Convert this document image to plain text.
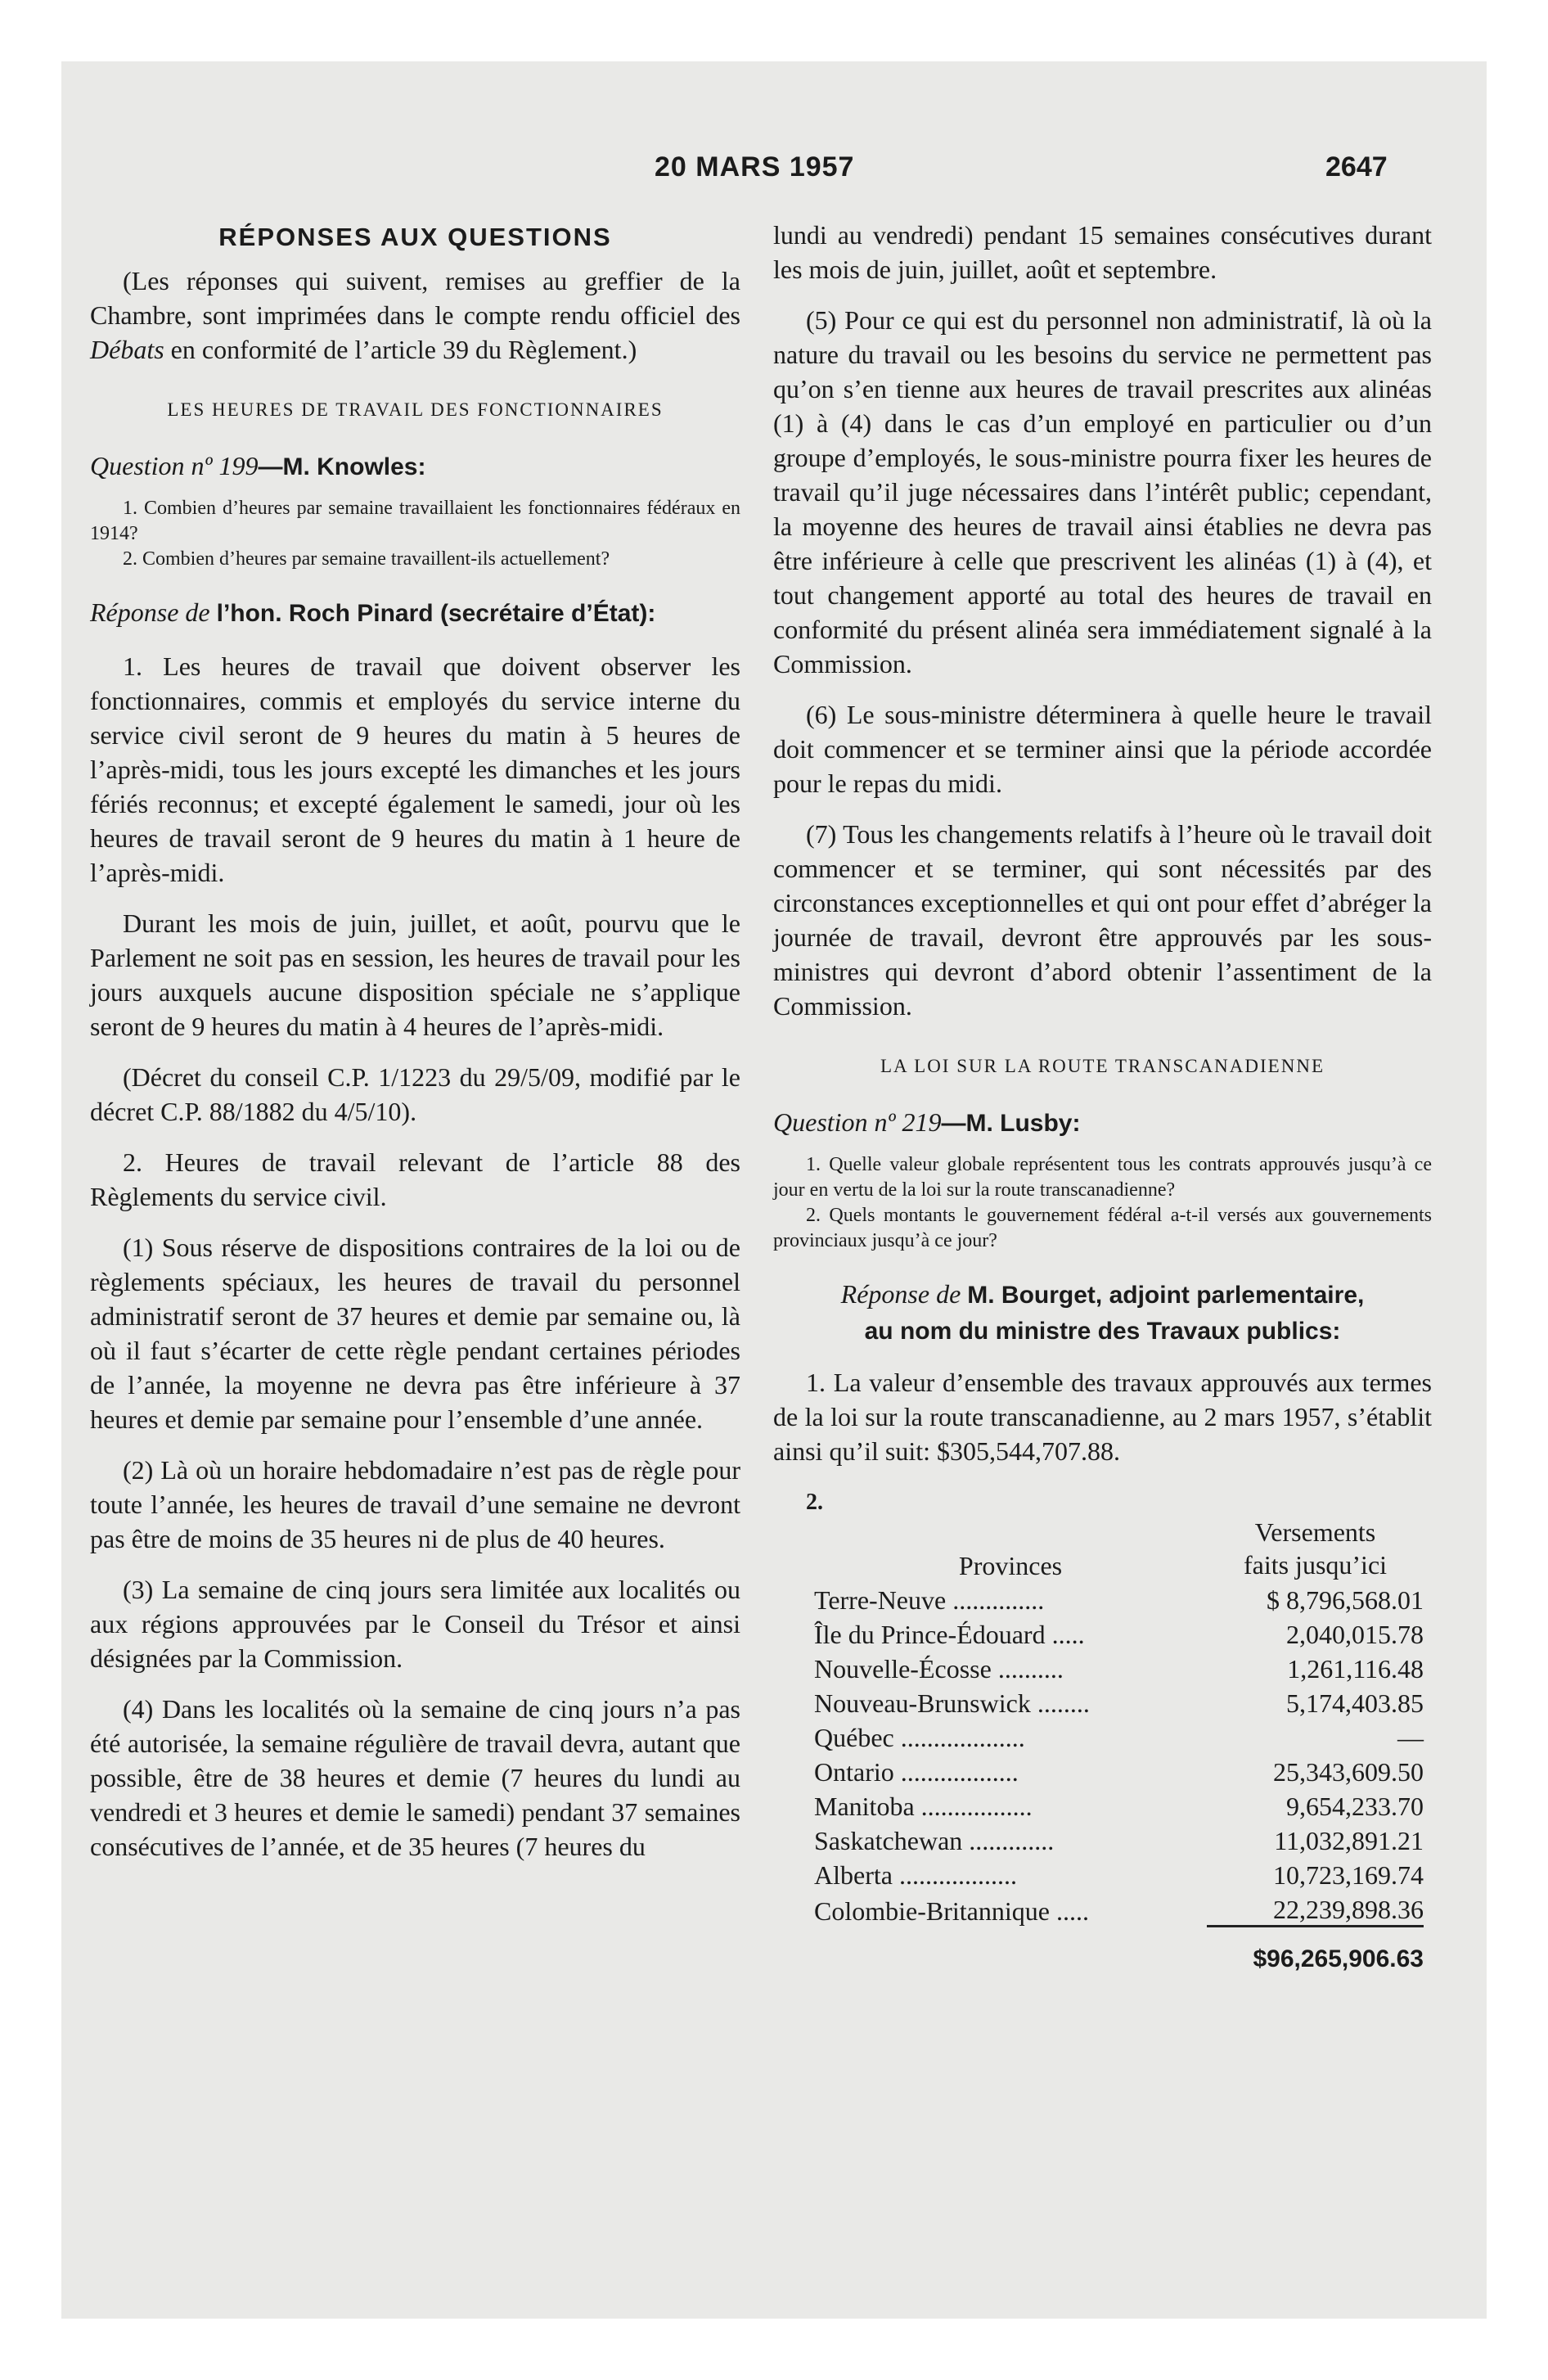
20 MARS 1957	2647
RÉPONSES AUX QUESTIONS

(Les réponses qui suivent, remises au greffier de la Chambre, sont imprimées dans le compte rendu officiel des Débats en conformité de l’article 39 du Règlement.)

LES HEURES DE TRAVAIL DES FONCTIONNAIRES
Question nº 199—M. Knowles:

1. Combien d’heures par semaine travaillaient les fonctionnaires fédéraux en 1914?

2. Combien d’heures par semaine travaillent-ils actuellement?

Réponse de l’hon. Roch Pinard (secrétaire d’État):

1. Les heures de travail que doivent observer les fonctionnaires, commis et employés du service interne du service civil seront de 9 heures du matin à 5 heures de l’après-midi, tous les jours excepté les dimanches et les jours fériés reconnus; et excepté également le samedi, jour où les heures de travail seront de 9 heures du matin à 1 heure de l’après-midi.

Durant les mois de juin, juillet, et août, pourvu que le Parlement ne soit pas en session, les heures de travail pour les jours auxquels aucune disposition spéciale ne s’applique seront de 9 heures du matin à 4 heures de l’après-midi.

(Décret du conseil C.P. 1/1223 du 29/5/09, modifié par le décret C.P. 88/1882 du 4/5/10).

2. Heures de travail relevant de l’article 88 des Règlements du service civil.

(1) Sous réserve de dispositions contraires de la loi ou de règlements spéciaux, les heures de travail du personnel administratif seront de 37 heures et demie par semaine ou, là où il faut s’écarter de cette règle pendant certaines périodes de l’année, la moyenne ne devra pas être inférieure à 37 heures et demie par semaine pour l’ensemble d’une année.

(2) Là où un horaire hebdomadaire n’est pas de règle pour toute l’année, les heures de travail d’une semaine ne devront pas être de moins de 35 heures ni de plus de 40 heures.

(3) La semaine de cinq jours sera limitée aux localités ou aux régions approuvées par le Conseil du Trésor et ainsi désignées par la Commission.

(4) Dans les localités où la semaine de cinq jours n’a pas été autorisée, la semaine régulière de travail devra, autant que possible, être de 38 heures et demie (7 heures du lundi au vendredi et 3 heures et demie le samedi) pendant 37 semaines consécutives de l’année, et de 35 heures (7 heures du

lundi au vendredi) pendant 15 semaines consécutives durant les mois de juin, juillet, août et septembre.

(5) Pour ce qui est du personnel non administratif, là où la nature du travail ou les besoins du service ne permettent pas qu’on s’en tienne aux heures de travail prescrites aux alinéas (1) à (4) dans le cas d’un employé en particulier ou d’un groupe d’employés, le sous-ministre pourra fixer les heures de travail qu’il juge nécessaires dans l’intérêt public; cependant, la moyenne des heures de travail ainsi établies ne devra pas être inférieure à celle que prescrivent les alinéas (1) à (4), et tout changement apporté au total des heures de travail en conformité du présent alinéa sera immédiatement signalé à la Commission.

(6) Le sous-ministre déterminera à quelle heure le travail doit commencer et se terminer ainsi que la période accordée pour le repas du midi.

(7) Tous les changements relatifs à l’heure où le travail doit commencer et se terminer, qui sont nécessités par des circonstances exceptionnelles et qui ont pour effet d’abréger la journée de travail, devront être approuvés par les sous-ministres qui devront d’abord obtenir l’assentiment de la Commission.

LA LOI SUR LA ROUTE TRANSCANADIENNE
Question nº 219—M. Lusby:

1. Quelle valeur globale représentent tous les contrats approuvés jusqu’à ce jour en vertu de la loi sur la route transcanadienne?

2. Quels montants le gouvernement fédéral a-t-il versés aux gouvernements provinciaux jusqu’à ce jour?

Réponse de M. Bourget, adjoint parlementaire,
au nom du ministre des Travaux publics:

1. La valeur d’ensemble des travaux approuvés aux termes de la loi sur la route transcanadienne, au 2 mars 1957, s’établit ainsi qu’il suit: $305,544,707.88.

2.
Provinces	Versements
faits jusqu’ici
Terre-Neuve ..............	$ 8,796,568.01
Île du Prince-Édouard .....	2,040,015.78
Nouvelle-Écosse ..........	1,261,116.48
Nouveau-Brunswick ........	5,174,403.85
Québec ...................	—
Ontario ..................	25,343,609.50
Manitoba .................	9,654,233.70
Saskatchewan .............	11,032,891.21
Alberta ..................	10,723,169.74
Colombie-Britannique .....	22,239,898.36
	$96,265,906.63
